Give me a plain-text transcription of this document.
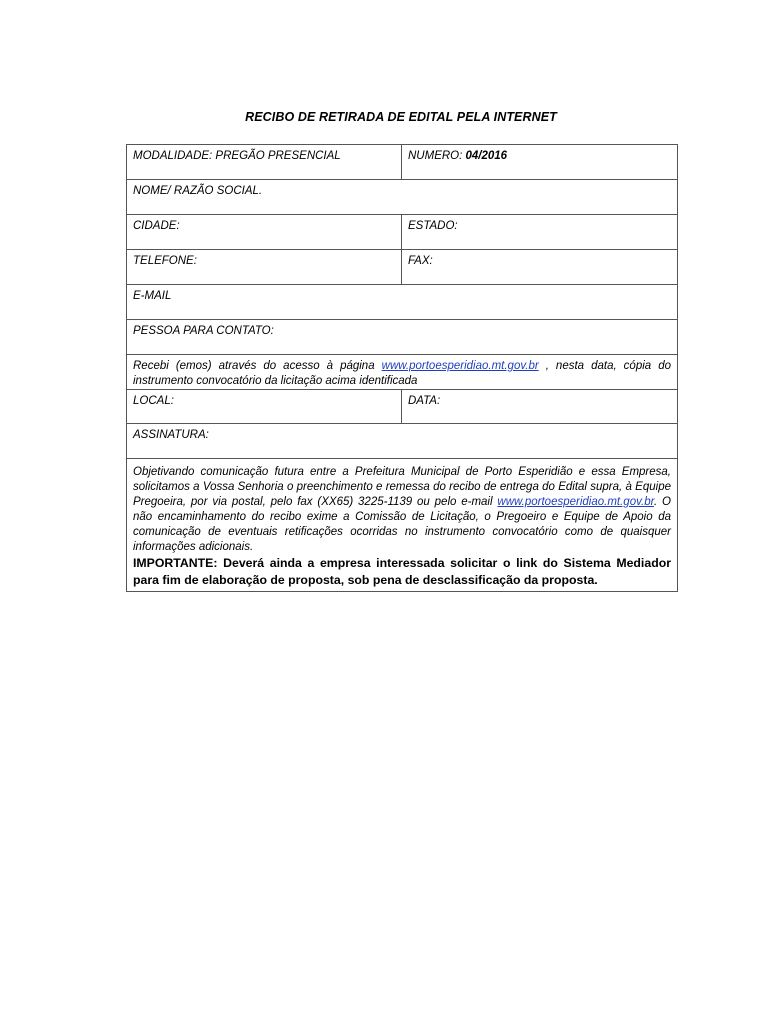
RECIBO DE RETIRADA DE EDITAL PELA INTERNET
MODALIDADE: PREGÃO PRESENCIAL	NUMERO: 04/2016
NOME/ RAZÃO SOCIAL.	
CIDADE:	ESTADO:
TELEFONE:	FAX:
E-MAIL	
PESSOA PARA CONTATO:	
Recebi (emos) através do acesso à página www.portoesperidiao.mt.gov.br , nesta data, cópia do instrumento convocatório da licitação acima identificada	
LOCAL:	DATA:
ASSINATURA:	
Objetivando comunicação futura entre a Prefeitura Municipal de Porto Esperidião e essa Empresa, solicitamos a Vossa Senhoria o preenchimento e remessa do recibo de entrega do Edital supra, à Equipe Pregoeira, por via postal, pelo fax (XX65) 3225-1139 ou pelo e-mail www.portoesperidiao.mt.gov.br. O não encaminhamento do recibo exime a Comissão de Licitação, o Pregoeiro e Equipe de Apoio da comunicação de eventuais retificações ocorridas no instrumento convocatório como de quaisquer informações adicionais.
IMPORTANTE: Deverá ainda a empresa interessada solicitar o link do Sistema Mediador para fim de elaboração de proposta, sob pena de desclassificação da proposta.	
